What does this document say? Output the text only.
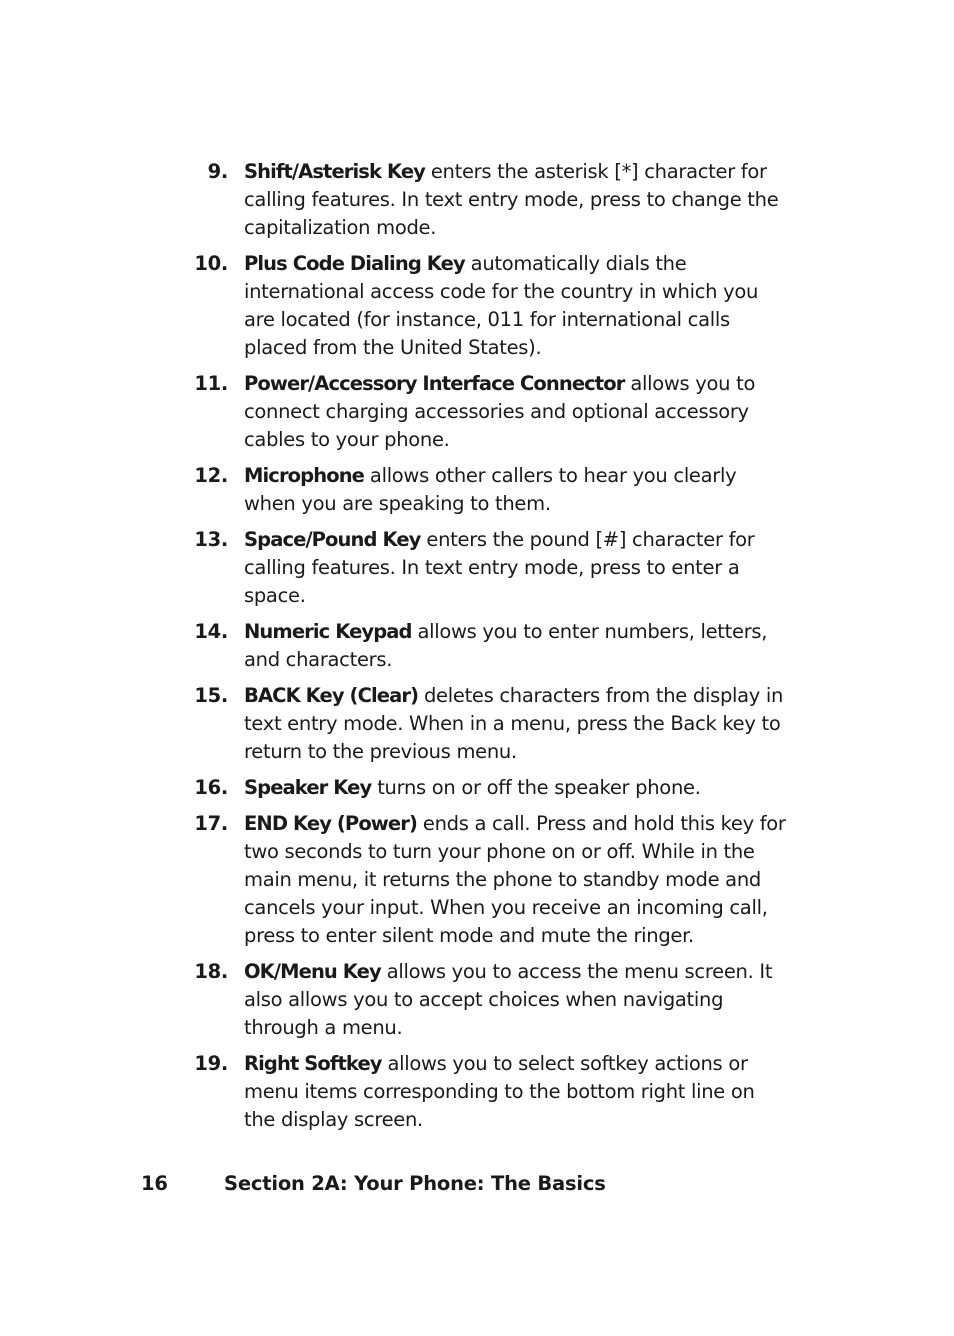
9. Shift/Asterisk Key enters the asterisk [*] character for calling features. In text entry mode, press to change the capitalization mode.
10. Plus Code Dialing Key automatically dials the international access code for the country in which you are located (for instance, 011 for international calls placed from the United States).
11. Power/Accessory Interface Connector allows you to connect charging accessories and optional accessory cables to your phone.
12. Microphone allows other callers to hear you clearly when you are speaking to them.
13. Space/Pound Key enters the pound [#] character for calling features. In text entry mode, press to enter a space.
14. Numeric Keypad allows you to enter numbers, letters, and characters.
15. BACK Key (Clear) deletes characters from the display in text entry mode. When in a menu, press the Back key to return to the previous menu.
16. Speaker Key turns on or off the speaker phone.
17. END Key (Power) ends a call. Press and hold this key for two seconds to turn your phone on or off. While in the main menu, it returns the phone to standby mode and cancels your input. When you receive an incoming call, press to enter silent mode and mute the ringer.
18. OK/Menu Key allows you to access the menu screen. It also allows you to accept choices when navigating through a menu.
19. Right Softkey allows you to select softkey actions or menu items corresponding to the bottom right line on the display screen.
16	Section 2A: Your Phone: The Basics
